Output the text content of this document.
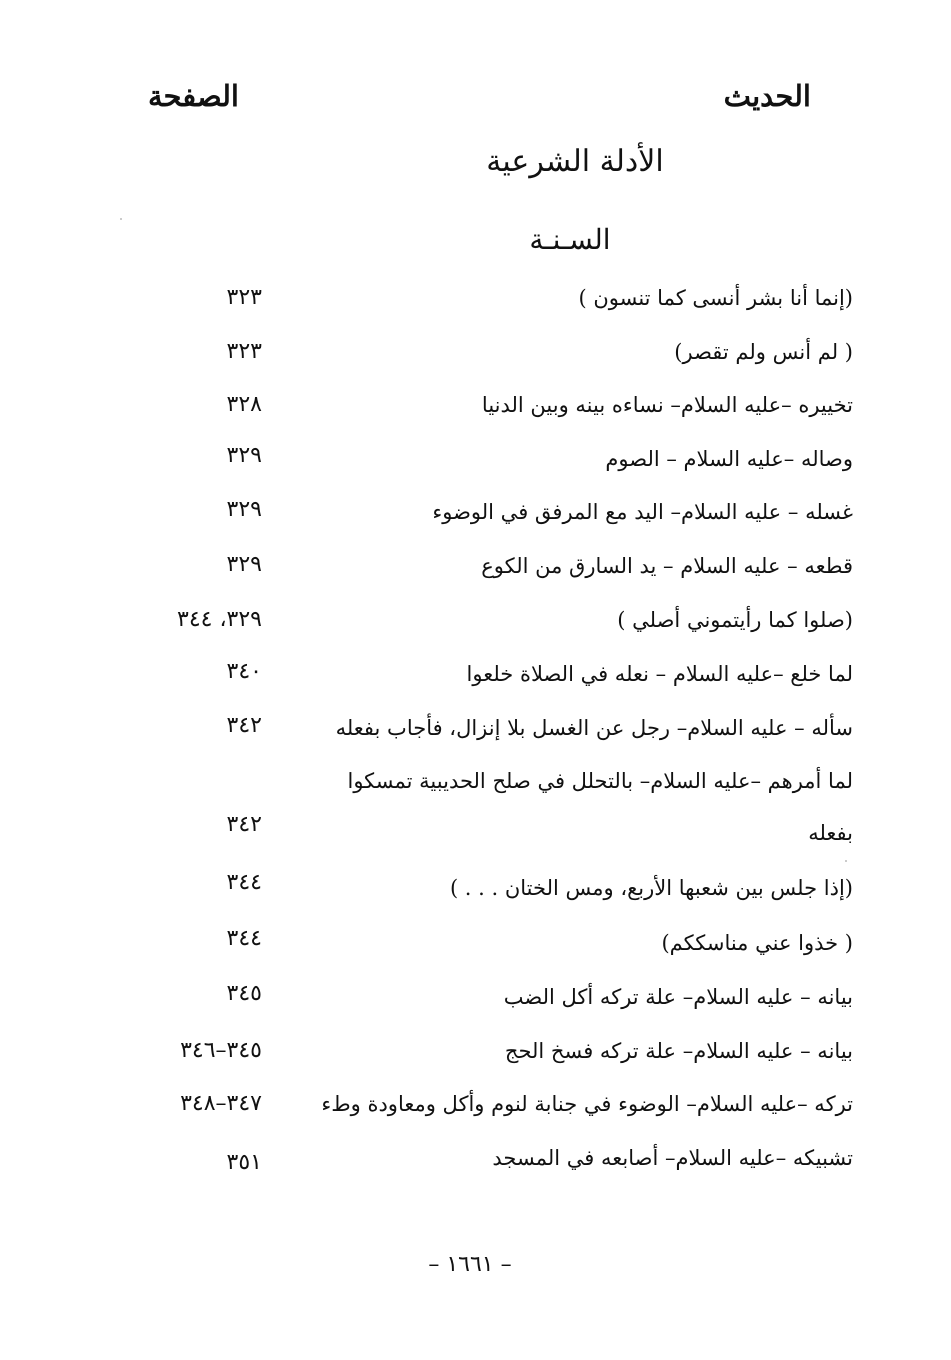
الحديث
الصفحة
الأدلة الشرعية
السـنـة
(إنما أنا بشر أنسى كما تنسون )
٣٢٣
( لم أنس ولم تقصر)
٣٢٣
تخييره –عليه السلام– نساءه بينه وبين الدنيا
٣٢٨
وصاله –عليه السلام – الصوم
٣٢٩
غسله – عليه السلام– اليد مع المرفق في الوضوء
٣٢٩
قطعه – عليه السلام – يد السارق من الكوع
٣٢٩
(صلوا كما رأيتموني أصلي )
٣٢٩، ٣٤٤
لما خلع –عليه السلام – نعله في الصلاة خلعوا
٣٤٠
سأله – عليه السلام– رجل عن الغسل بلا إنزال، فأجاب بفعله
٣٤٢
لما أمرهم –عليه السلام– بالتحلل في صلح الحديبية تمسكوا
بفعله
٣٤٢
(إذا جلس بين شعبها الأربع، ومس الختان . . . )
٣٤٤
( خذوا عني مناسككم)
٣٤٤
بيانه – عليه السلام– علة تركه أكل الضب
٣٤٥
بيانه – عليه السلام– علة تركه فسخ الحج
٣٤٥–٣٤٦
تركه –عليه السلام– الوضوء في جنابة لنوم وأكل ومعاودة وطء
٣٤٧–٣٤٨
تشبيكه –عليه السلام– أصابعه في المسجد
٣٥١
– ١٦٦١ –
